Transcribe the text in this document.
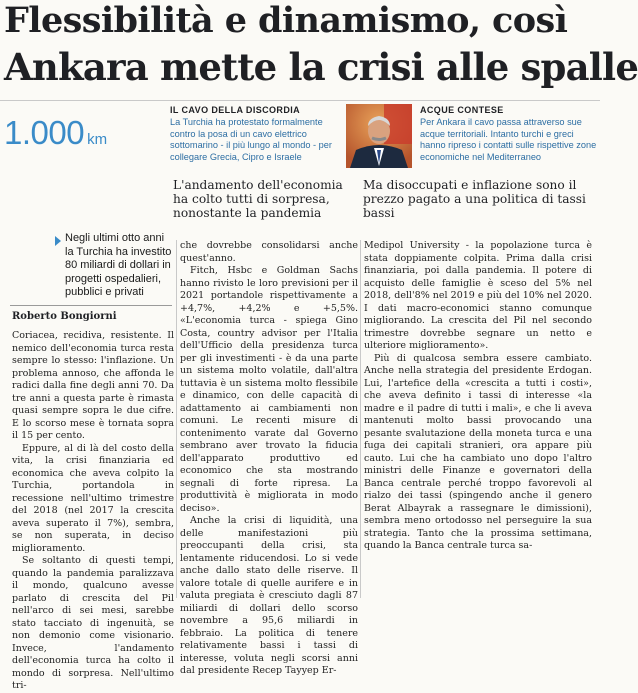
Flessibilità e dinamismo, così
Ankara mette la crisi alle spalle
1.000 km
IL CAVO DELLA DISCORDIA
La Turchia ha protestato formalmente contro la posa di un cavo elettrico sottomarino - il più lungo al mondo - per collegare Grecia, Cipro e Israele
ACQUE CONTESE
Per Ankara il cavo passa attraverso sue acque territoriali. Intanto turchi e greci hanno ripreso i contatti sulle rispettive zone economiche nel Mediterraneo
L'andamento dell'economia ha colto tutti di sorpresa, nonostante la pandemia
Ma disoccupati e inflazione sono il prezzo pagato a una politica di tassi bassi
Negli ultimi otto anni la Turchia ha investito 80 miliardi di dollari in progetti ospedalieri, pubblici e privati
Roberto Bongiorni

Coriacea, recidiva, resistente. Il nemico dell'economia turca resta sempre lo stesso: l'inflazione. Un problema annoso, che affonda le radici dalla fine degli anni 70. Da tre anni a questa parte è rimasta quasi sempre sopra le due cifre. E lo scorso mese è tornata sopra il 15 per cento.

Eppure, al di là del costo della vita, la crisi finanziaria ed economica che aveva colpito la Turchia, portandola in recessione nell'ultimo trimestre del 2018 (nel 2017 la crescita aveva superato il 7%), sembra, se non superata, in deciso miglioramento.

Se soltanto di questi tempi, quando la pandemia paralizzava il mondo, qualcuno avesse parlato di crescita del Pil nell'arco di sei mesi, sarebbe stato tacciato di ingenuità, se non demonio come visionario. Invece, l'andamento dell'economia turca ha colto il mondo di sorpresa. Nell'ultimo tri-

che dovrebbe consolidarsi anche quest'anno.

Fitch, Hsbc e Goldman Sachs hanno rivisto le loro previsioni per il 2021 portandole rispettivamente a +4,7%, +4,2% e +5,5%. «L'economia turca - spiega Gino Costa, country advisor per l'Italia dell'Ufficio della presidenza turca per gli investimenti - è da una parte un sistema molto volatile, dall'altra tuttavia è un sistema molto flessibile e dinamico, con delle capacità di adattamento ai cambiamenti non comuni. Le recenti misure di contenimento varate dal Governo sembrano aver trovato la fiducia dell'apparato produttivo ed economico che sta mostrando segnali di forte ripresa. La produttività è migliorata in modo deciso».

Anche la crisi di liquidità, una delle manifestazioni più preoccupanti della crisi, sta lentamente riducendosi. Lo si vede anche dallo stato delle riserve. Il valore totale di quelle aurifere e in valuta pregiata è cresciuto dagli 87 miliardi di dollari dello scorso novembre a 95,6 miliardi in febbraio. La politica di tenere relativamente bassi i tassi di interesse, voluta negli scorsi anni dal presidente Recep Tayyep Er-

Medipol University - la popolazione turca è stata doppiamente colpita. Prima dalla crisi finanziaria, poi dalla pandemia. Il potere di acquisto delle famiglie è sceso del 5% nel 2018, dell'8% nel 2019 e più del 10% nel 2020. I dati macro-economici stanno comunque migliorando. La crescita del Pil nel secondo trimestre dovrebbe segnare un netto e ulteriore miglioramento».

Più di qualcosa sembra essere cambiato. Anche nella strategia del presidente Erdogan. Lui, l'artefice della «crescita a tutti i costi», che aveva definito i tassi di interesse «la madre e il padre di tutti i mali», e che li aveva mantenuti molto bassi provocando una pesante svalutazione della moneta turca e una fuga dei capitali stranieri, ora appare più cauto. Lui che ha cambiato uno dopo l'altro ministri delle Finanze e governatori della Banca centrale perché troppo favorevoli al rialzo dei tassi (spingendo anche il genero Berat Albayrak a rassegnare le dimissioni), sembra meno ortodosso nel perseguire la sua strategia. Tanto che la prossima settimana, quando la Banca centrale turca sa-
